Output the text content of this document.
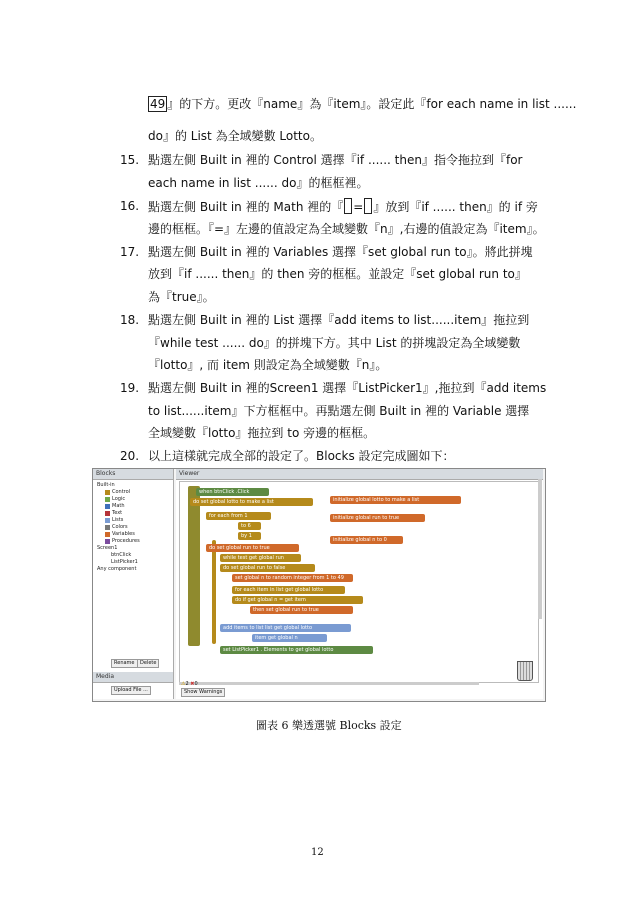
49 』的下方。更改『name』為『item』。設定此『for each name in list ......
do』的 List 為全域變數 Lotto。
15. 點選左側 Built in 裡的 Control 選擇『if ...... then』指令拖拉到『for
each name in list ...... do』的框框裡。
16. 點選左側 Built in 裡的 Math 裡的『 = 』放到『if ...... then』的 if 旁
邊的框框。『=』左邊的值設定為全域變數『n』,右邊的值設定為『item』。
17. 點選左側 Built in 裡的 Variables 選擇『set global run to』。將此拼塊
放到『if ...... then』的 then 旁的框框。並設定『set global run to』
為『true』。
18. 點選左側 Built in 裡的 List 選擇『add items to list......item』拖拉到
『while test ...... do』的拼塊下方。其中 List 的拼塊設定為全域變數
『lotto』, 而 item 則設定為全域變數『n』。
19. 點選左側 Built in 裡的Screen1 選擇『ListPicker1』,拖拉到『add items
to list......item』下方框框中。再點選左側 Built in 裡的 Variable 選擇
全域變數『lotto』拖拉到 to 旁邊的框框。
20. 以上這樣就完成全部的設定了。Blocks 設定完成圖如下：
Blocks
Built-in
Control
Logic
Math
Text
Lists
Colors
Variables
Procedures
Screen1
btnClick
ListPicker1
Any component
Rename	Delete
Media
Upload File ...
Viewer
when btnClick .Click
do set global lotto to make a list
for each from 1
to 6
by 1
do set global run to true
while test get global run
do set global run to false
set global n to random integer from 1 to 49
for each item in list get global lotto
do if get global n = get item
then set global run to true
add items to list list get global lotto
item get global n
set ListPicker1 . Elements to get global lotto
initialize global lotto to make a list
initialize global run to true
initialize global n to 0
⚠2 ✖0
Show Warnings
圖表 6 樂透選號 Blocks 設定
12
